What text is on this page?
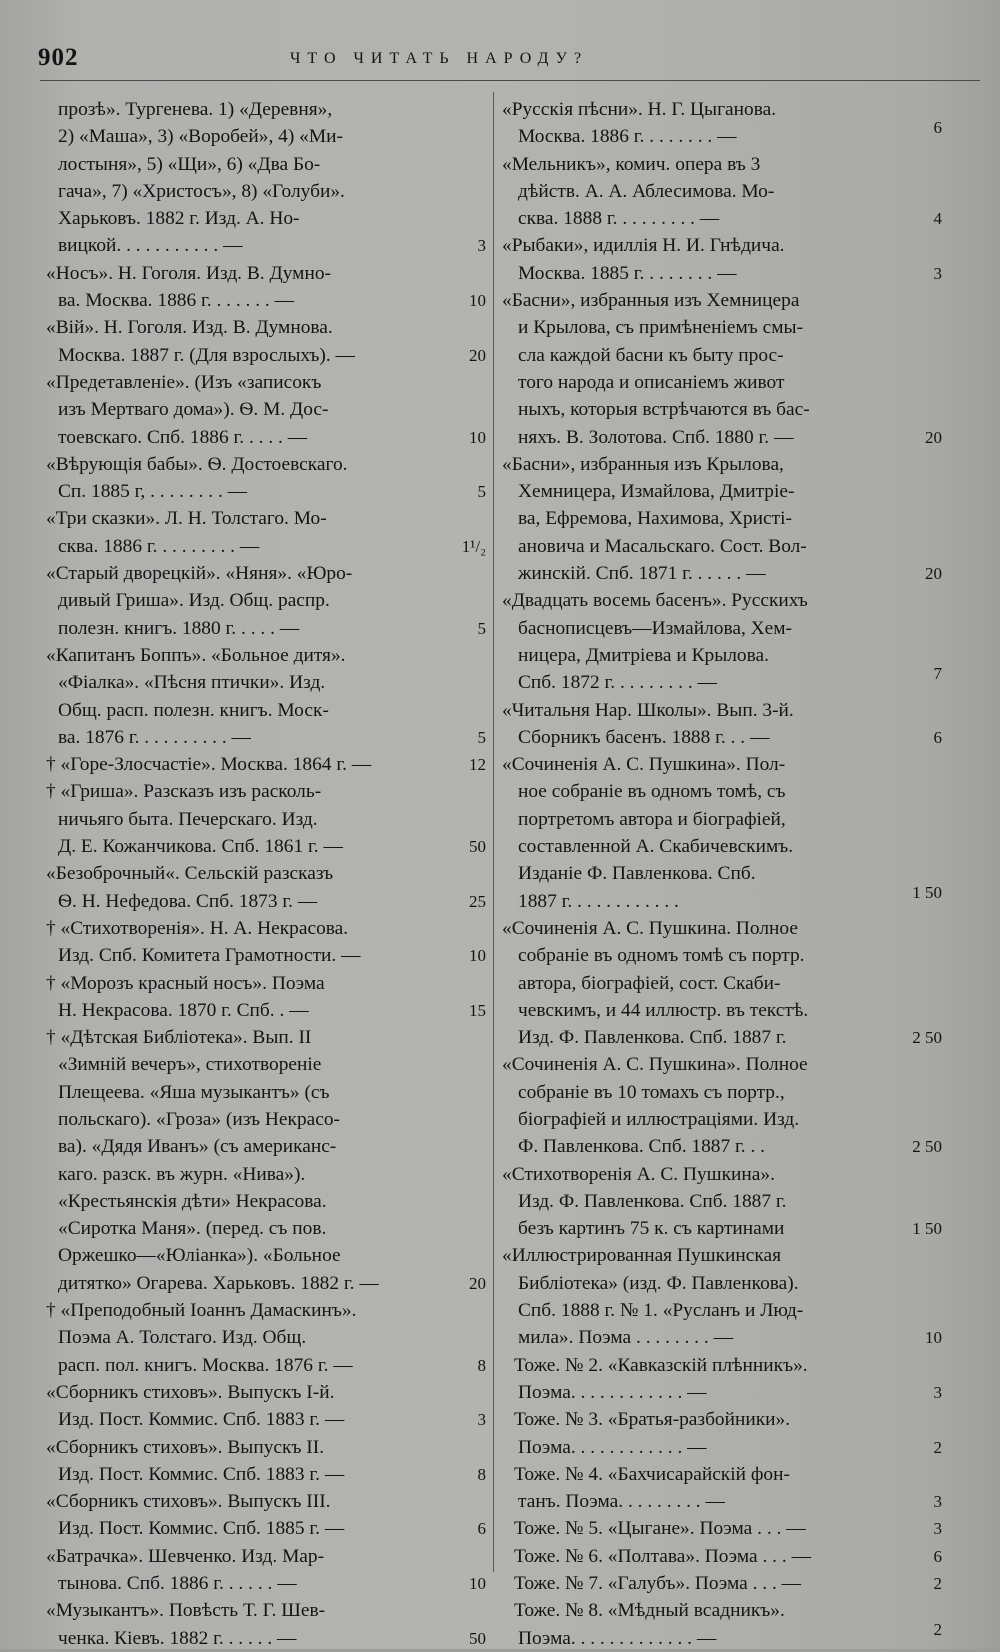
902	ЧТО ЧИТАТЬ НАРОДУ?
прозѣ». Тургенева. 1) «Деревня»,
2) «Маша», 3) «Воробей», 4) «Ми-
лостыня», 5) «Щи», 6) «Два Бо-
гача», 7) «Христосъ», 8) «Голуби».
Харьковъ. 1882 г. Изд. А. Но-
вицкой. . . . . . . . . . . —	3
«Носъ». Н. Гоголя. Изд. В. Думно-
ва. Москва. 1886 г. . . . . . . —	10
«Вій». Н. Гоголя. Изд. В. Думнова.
Москва. 1887 г. (Для взрослыхъ). —	20
«Предетавленіе». (Изъ «записокъ
изъ Мертваго дома»). Ѳ. М. Дос-
тоевскаго. Спб. 1886 г. . . . . —	10
«Вѣрующія бабы». Ѳ. Достоевскаго.
Сп. 1885 г, . . . . . . . . —	5
«Три сказки». Л. Н. Толстаго. Мо-
сква. 1886 г. . . . . . . . . —	1¹/₂
«Старый дворецкій». «Няня». «Юро-
дивый Гриша». Изд. Общ. распр.
полезн. книгъ. 1880 г. . . . . —	5
«Капитанъ Боппъ». «Больное дитя».
«Фіалка». «Пѣсня птички». Изд.
Общ. расп. полезн. книгъ. Моск-
ва. 1876 г. . . . . . . . . . —	5
† «Горе-Злосчастіе». Москва. 1864 г. —	12
† «Гриша». Разсказъ изъ расколь-
ничьяго быта. Печерскаго. Изд.
Д. Е. Кожанчикова. Спб. 1861 г. —	50
«Безоброчный«. Сельскій разсказъ
Ѳ. Н. Нефедова. Спб. 1873 г. —	25
† «Стихотворенія». Н. А. Некрасова.
Изд. Спб. Комитета Грамотности. —	10
† «Морозъ красный носъ». Поэма
Н. Некрасова. 1870 г. Спб. . —	15
† «Дѣтская Библіотека». Вып. II
«Зимній вечеръ», стихотвореніе
Плещеева. «Яша музыкантъ» (съ
польскаго). «Гроза» (изъ Некрасо-
ва). «Дядя Иванъ» (съ американс-
каго. разск. въ журн. «Нива»).
«Крестьянскія дѣти» Некрасова.
«Сиротка Маня». (перед. съ пов.
Оржешко—«Юліанка»). «Больное
дитятко» Огарева. Харьковъ. 1882 г. —	20
† «Преподобный Іоаннъ Дамаскинъ».
Поэма А. Толстаго. Изд. Общ.
расп. пол. книгъ. Москва. 1876 г. —	8
«Сборникъ стиховъ». Выпускъ I-й.
Изд. Пост. Коммис. Спб. 1883 г. —	3
«Сборникъ стиховъ». Выпускъ II.
Изд. Пост. Коммис. Спб. 1883 г. —	8
«Сборникъ стиховъ». Выпускъ III.
Изд. Пост. Коммис. Спб. 1885 г. —	6
«Батрачка». Шевченко. Изд. Мар-
тынова. Спб. 1886 г. . . . . . —	10
«Музыкантъ». Повѣсть Т. Г. Шев-
ченка. Кіевъ. 1882 г. . . . . . —	50
«Русскія пѣсни». Н. Г. Цыганова.
Москва. 1886 г. . . . . . . . —	6
«Мельникъ», комич. опера въ 3
дѣйств. А. А. Аблесимова. Мо-
сква. 1888 г. . . . . . . . . —	4
«Рыбаки», идиллія Н. И. Гнѣдича.
Москва. 1885 г. . . . . . . . —	3
«Басни», избранныя изъ Хемницера
и Крылова, съ примѣненіемъ смы-
сла каждой басни къ быту прос-
того народа и описаніемъ живот
ныхъ, которыя встрѣчаются въ бас-
няхъ. В. Золотова. Спб. 1880 г. —	20
«Басни», избранныя изъ Крылова,
Хемницера, Измайлова, Дмитріе-
ва, Ефремова, Нахимова, Христі-
ановича и Масальскаго. Сост. Вол-
жинскій. Спб. 1871 г. . . . . . —	20
«Двадцать восемь басенъ». Русскихъ
баснописцевъ—Измайлова, Хем-
ницера, Дмитріева и Крылова.
Спб. 1872 г. . . . . . . . . —	7
«Читальня Нар. Школы». Вып. 3-й.
Сборникъ басенъ. 1888 г. . . —	6
«Сочиненія А. С. Пушкина». Пол-
ное собраніе въ одномъ томѣ, съ
портретомъ автора и біографіей,
составленной А. Скабичевскимъ.
Изданіе Ф. Павленкова. Спб.
1887 г. . . . . . . . . . . .	1 50
«Сочиненія А. С. Пушкина. Полное
собраніе въ одномъ томѣ съ портр.
автора, біографіей, сост. Скаби-
чевскимъ, и 44 иллюстр. въ текстѣ.
Изд. Ф. Павленкова. Спб. 1887 г.	2 50
«Сочиненія А. С. Пушкина». Полное
собраніе въ 10 томахъ съ портр.,
біографіей и иллюстраціями. Изд.
Ф. Павленкова. Спб. 1887 г. . .	2 50
«Стихотворенія А. С. Пушкина».
Изд. Ф. Павленкова. Спб. 1887 г.
безъ картинъ 75 к. съ картинами	1 50
«Иллюстрированная Пушкинская
Библіотека» (изд. Ф. Павленкова).
Спб. 1888 г. № 1. «Русланъ и Люд-
мила». Поэма . . . . . . . . —	10
Тоже. № 2. «Кавказскій плѣнникъ».
Поэма. . . . . . . . . . . . —	3
Тоже. № 3. «Братья-разбойники».
Поэма. . . . . . . . . . . . —	2
Тоже. № 4. «Бахчисарайскій фон-
танъ. Поэма. . . . . . . . . —	3
Тоже. № 5. «Цыгане». Поэма . . . —	3
Тоже. № 6. «Полтава». Поэма . . . —	6
Тоже. № 7. «Галубъ». Поэма . . . —	2
Тоже. № 8. «Мѣдный всадникъ».
Поэма. . . . . . . . . . . . . —	2
